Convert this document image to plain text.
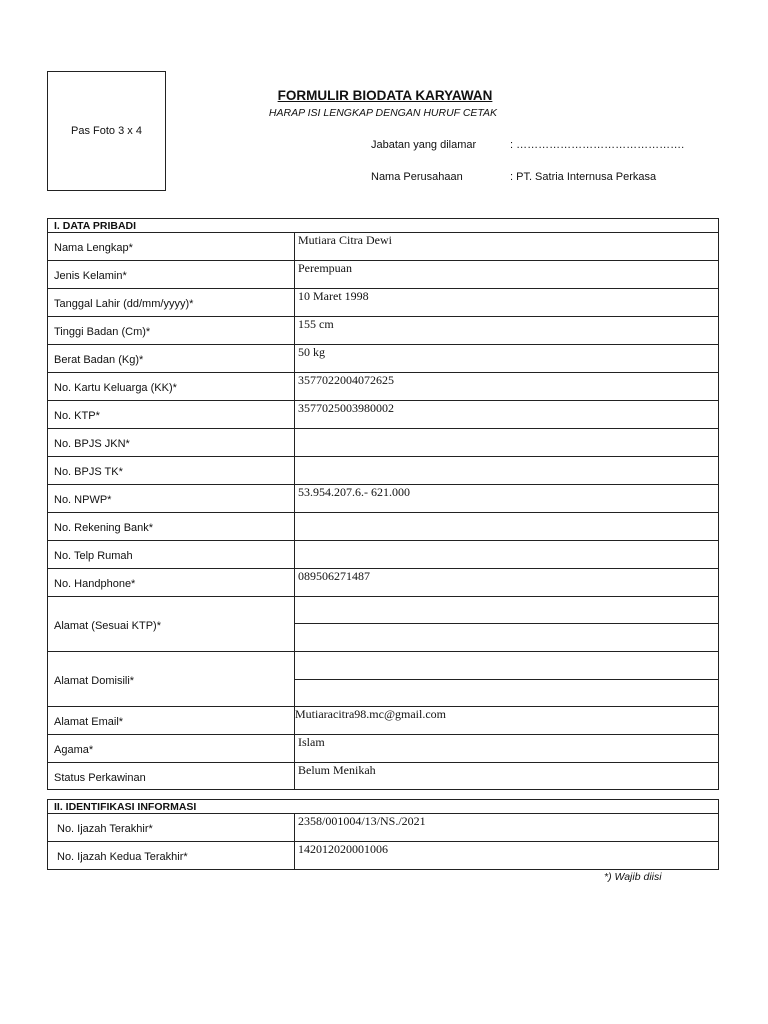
Pas Foto 3 x 4
FORMULIR BIODATA KARYAWAN
HARAP ISI LENGKAP DENGAN HURUF CETAK
Jabatan yang dilamar	: ……………………………………….
Nama Perusahaan	: PT. Satria Internusa Perkasa
I. DATA PRIBADI	
Nama Lengkap*	Mutiara Citra Dewi
Jenis Kelamin*	Perempuan
Tanggal Lahir (dd/mm/yyyy)*	10 Maret 1998
Tinggi Badan (Cm)*	155 cm
Berat Badan (Kg)*	50 kg
No. Kartu Keluarga (KK)*	3577022004072625
No. KTP*	3577025003980002
No. BPJS JKN*	
No. BPJS TK*	
No. NPWP*	53.954.207.6.- 621.000
No. Rekening Bank*	
No. Telp Rumah	
No. Handphone*	089506271487
Alamat (Sesuai KTP)*	

Alamat Domisili*	

Alamat Email*	Mutiaracitra98.mc@gmail.com
Agama*	Islam
Status Perkawinan	Belum Menikah
II. IDENTIFIKASI INFORMASI	
No. Ijazah Terakhir*	2358/001004/13/NS./2021
No. Ijazah Kedua Terakhir*	142012020001006
*) Wajib diisi
